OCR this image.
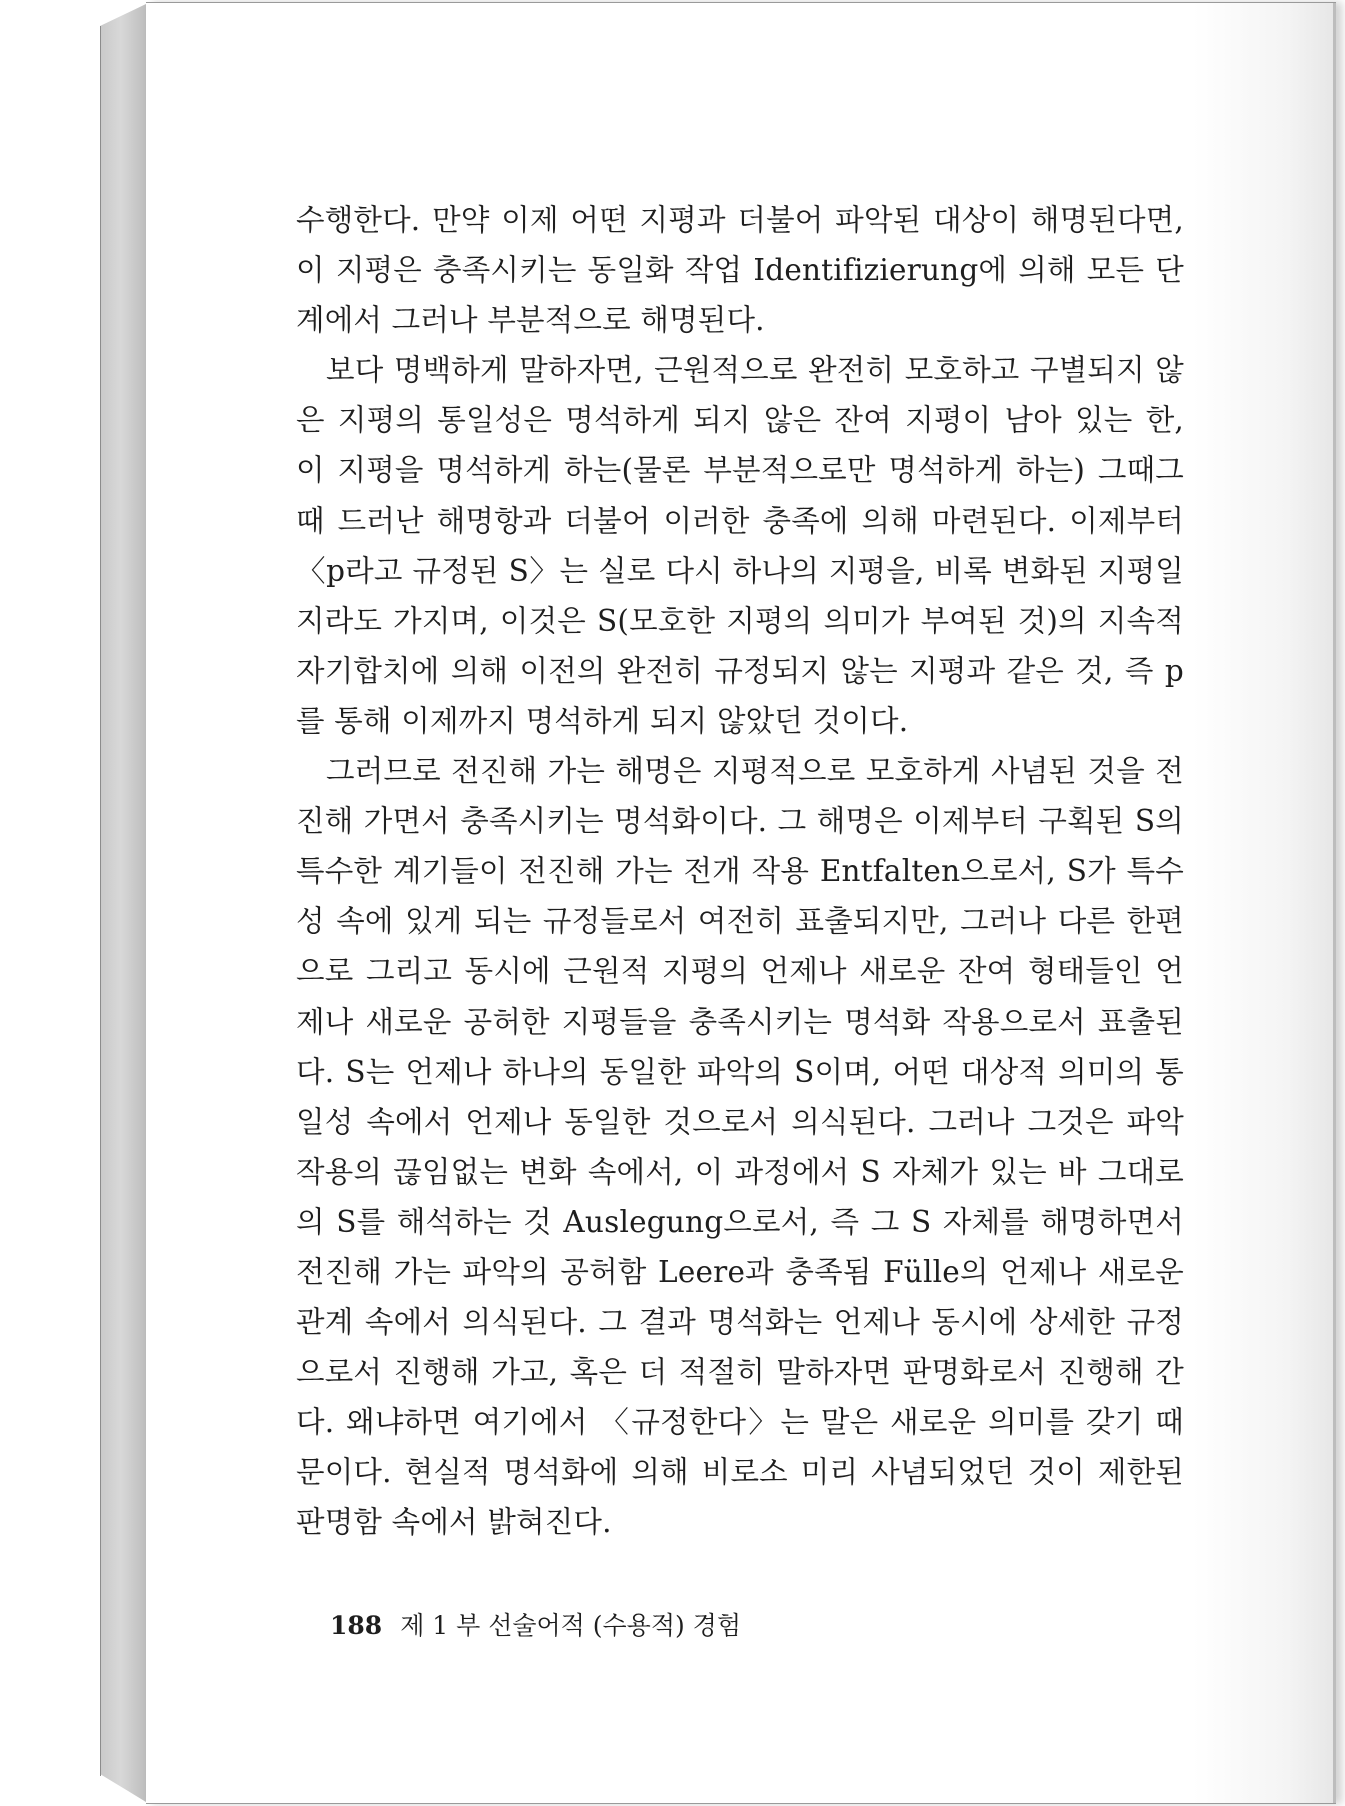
수행한다. 만약 이제 어떤 지평과 더불어 파악된 대상이 해명된다면, 이 지평은 충족시키는 동일화 작업 Identifizierung에 의해 모든 단계에서 그러나 부분적으로 해명된다.

보다 명백하게 말하자면, 근원적으로 완전히 모호하고 구별되지 않은 지평의 통일성은 명석하게 되지 않은 잔여 지평이 남아 있는 한, 이 지평을 명석하게 하는(물론 부분적으로만 명석하게 하는) 그때그때 드러난 해명항과 더불어 이러한 충족에 의해 마련된다. 이제부터 〈p라고 규정된 S〉는 실로 다시 하나의 지평을, 비록 변화된 지평일지라도 가지며, 이것은 S(모호한 지평의 의미가 부여된 것)의 지속적 자기합치에 의해 이전의 완전히 규정되지 않는 지평과 같은 것, 즉 p를 통해 이제까지 명석하게 되지 않았던 것이다.

그러므로 전진해 가는 해명은 지평적으로 모호하게 사념된 것을 전진해 가면서 충족시키는 명석화이다. 그 해명은 이제부터 구획된 S의 특수한 계기들이 전진해 가는 전개 작용 Entfalten으로서, S가 특수성 속에 있게 되는 규정들로서 여전히 표출되지만, 그러나 다른 한편으로 그리고 동시에 근원적 지평의 언제나 새로운 잔여 형태들인 언제나 새로운 공허한 지평들을 충족시키는 명석화 작용으로서 표출된다. S는 언제나 하나의 동일한 파악의 S이며, 어떤 대상적 의미의 통일성 속에서 언제나 동일한 것으로서 의식된다. 그러나 그것은 파악 작용의 끊임없는 변화 속에서, 이 과정에서 S 자체가 있는 바 그대로의 S를 해석하는 것 Auslegung으로서, 즉 그 S 자체를 해명하면서 전진해 가는 파악의 공허함 Leere과 충족됨 Fülle의 언제나 새로운 관계 속에서 의식된다. 그 결과 명석화는 언제나 동시에 상세한 규정으로서 진행해 가고, 혹은 더 적절히 말하자면 판명화로서 진행해 간다. 왜냐하면 여기에서 〈규정한다〉는 말은 새로운 의미를 갖기 때문이다. 현실적 명석화에 의해 비로소 미리 사념되었던 것이 제한된 판명함 속에서 밝혀진다.

188 제 1 부 선술어적 (수용적) 경험
